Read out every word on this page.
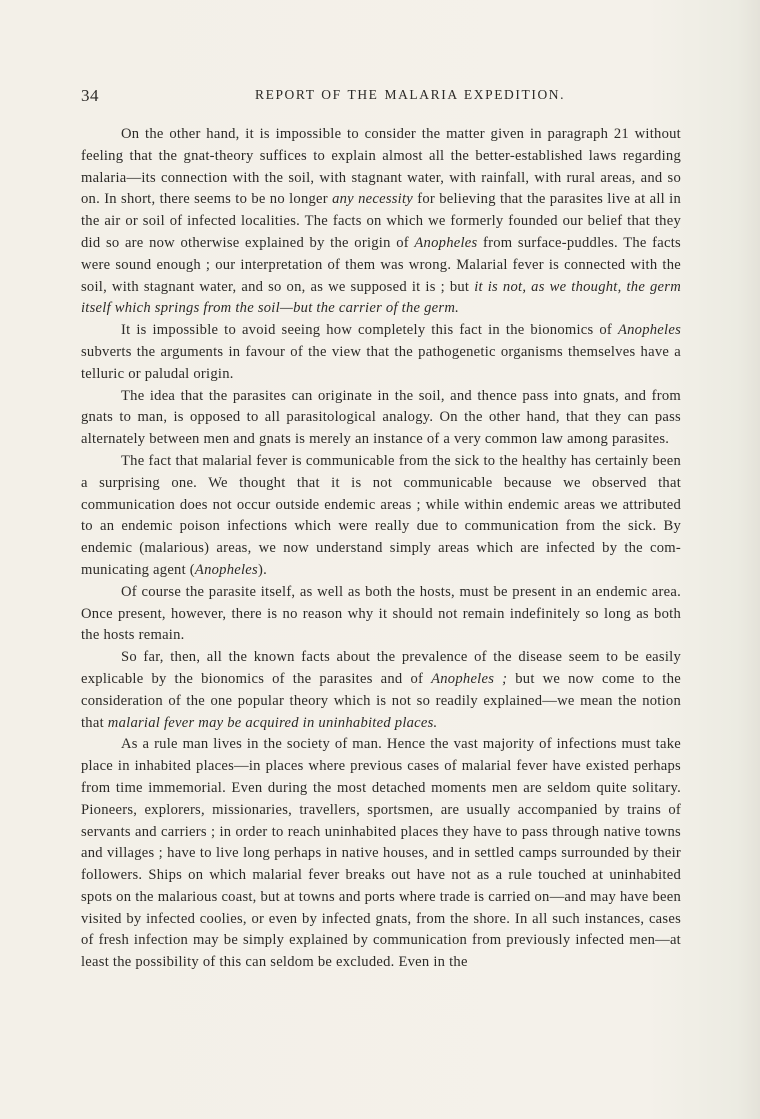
34	REPORT OF THE MALARIA EXPEDITION.

On the other hand, it is impossible to consider the matter given in paragraph 21 without feeling that the gnat-theory suffices to explain almost all the better-established laws regarding malaria—its connection with the soil, with stagnant water, with rainfall, with rural areas, and so on. In short, there seems to be no longer any necessity for believing that the parasites live at all in the air or soil of infected localities. The facts on which we formerly founded our belief that they did so are now otherwise explained by the origin of Anopheles from surface-puddles. The facts were sound enough ; our interpretation of them was wrong. Malarial fever is connected with the soil, with stagnant water, and so on, as we supposed it is ; but it is not, as we thought, the germ itself which springs from the soil—but the carrier of the germ.

It is impossible to avoid seeing how completely this fact in the bionomics of Anopheles subverts the arguments in favour of the view that the pathogenetic organisms themselves have a telluric or paludal origin.

The idea that the parasites can originate in the soil, and thence pass into gnats, and from gnats to man, is opposed to all parasitological analogy. On the other hand, that they can pass alternately between men and gnats is merely an instance of a very common law among parasites.

The fact that malarial fever is communicable from the sick to the healthy has certainly been a surprising one. We thought that it is not communicable because we observed that communication does not occur outside endemic areas ; while within endemic areas we attributed to an endemic poison infections which were really due to communication from the sick. By endemic (malarious) areas, we now understand simply areas which are infected by the com-municating agent (Anopheles).

Of course the parasite itself, as well as both the hosts, must be present in an endemic area. Once present, however, there is no reason why it should not remain indefinitely so long as both the hosts remain.

So far, then, all the known facts about the prevalence of the disease seem to be easily explicable by the bionomics of the parasites and of Anopheles ; but we now come to the consideration of the one popular theory which is not so readily explained—we mean the notion that malarial fever may be acquired in uninhabited places.

As a rule man lives in the society of man. Hence the vast majority of infections must take place in inhabited places—in places where previous cases of malarial fever have existed perhaps from time immemorial. Even during the most detached moments men are seldom quite solitary. Pioneers, explorers, missionaries, travellers, sportsmen, are usually accompanied by trains of servants and carriers ; in order to reach uninhabited places they have to pass through native towns and villages ; have to live long perhaps in native houses, and in settled camps surrounded by their followers. Ships on which malarial fever breaks out have not as a rule touched at uninhabited spots on the malarious coast, but at towns and ports where trade is carried on—and may have been visited by infected coolies, or even by infected gnats, from the shore. In all such instances, cases of fresh infection may be simply explained by communication from previously infected men—at least the possibility of this can seldom be excluded. Even in the
